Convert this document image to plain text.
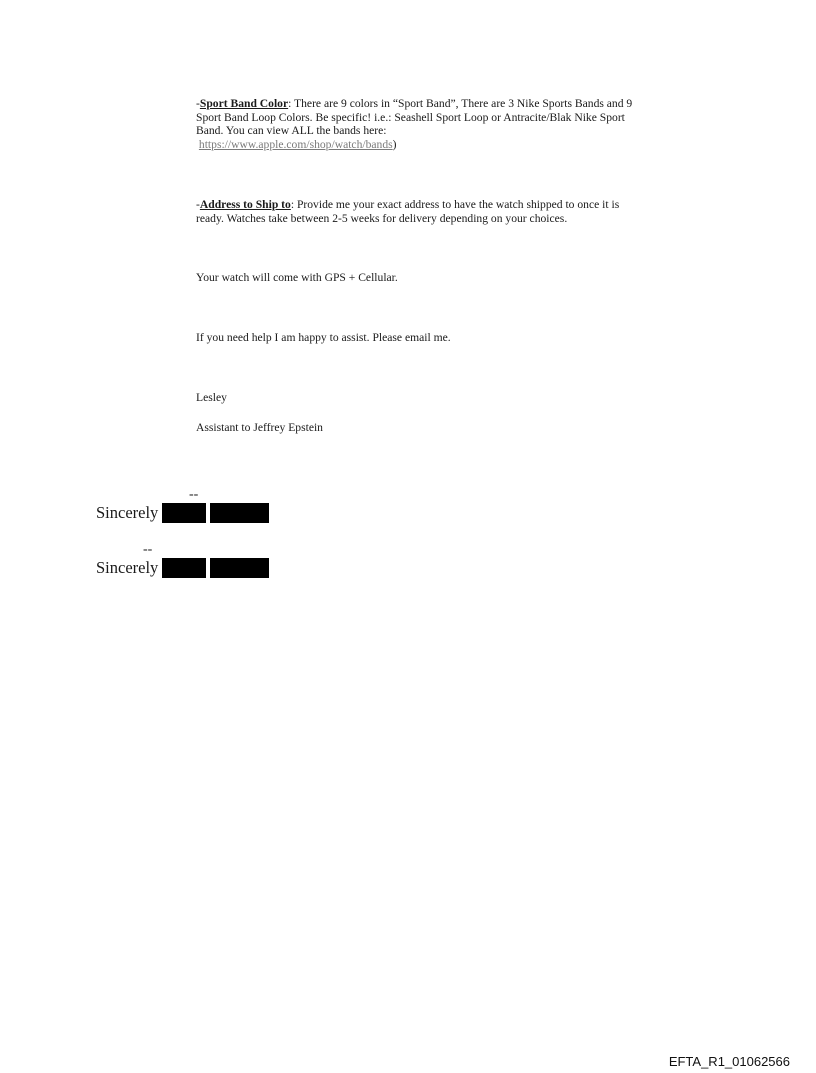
-Sport Band Color: There are 9 colors in “Sport Band”, There are 3 Nike Sports Bands and 9 Sport Band Loop Colors. Be specific! i.e.: Seashell Sport Loop or Antracite/Blak Nike Sport Band. You can view ALL the bands here:
https://www.apple.com/shop/watch/bands)

-Address to Ship to: Provide me your exact address to have the watch shipped to once it is ready. Watches take between 2-5 weeks for delivery depending on your choices.

Your watch will come with GPS + Cellular.

If you need help I am happy to assist. Please email me.

Lesley

Assistant to Jeffrey Epstein

--
Sincerely
--
Sincerely
EFTA_R1_01062566
